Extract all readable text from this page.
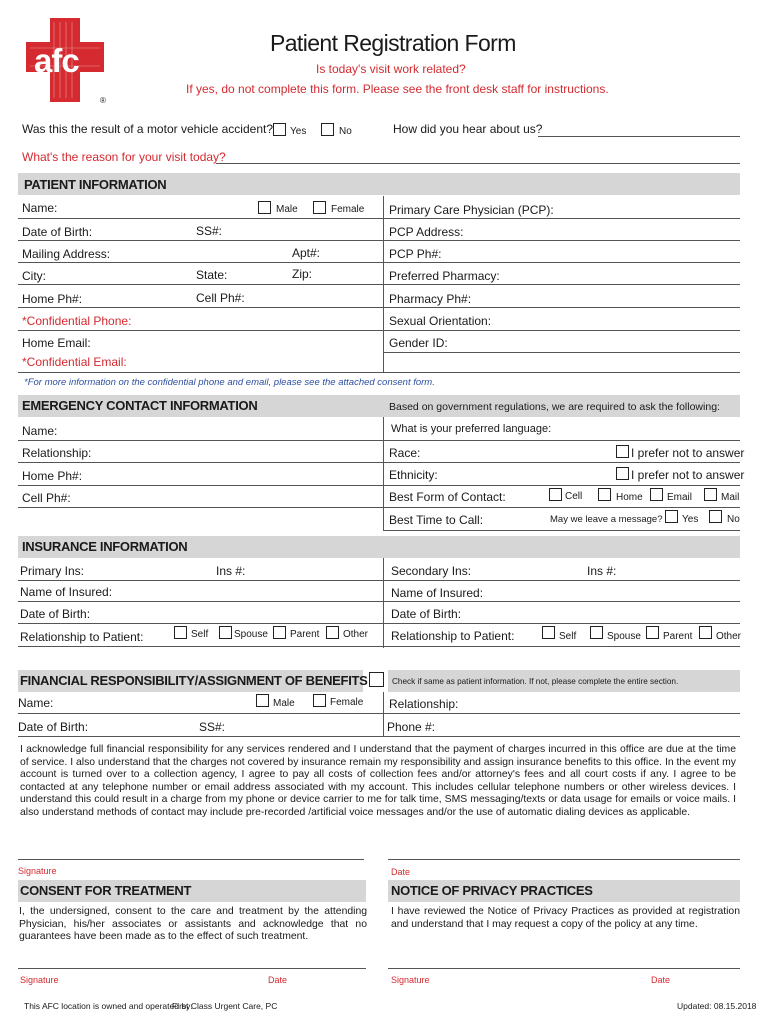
afc
®
Patient Registration Form
Is today's visit work related?
If yes, do not complete this form. Please see the front desk staff for instructions.
Was this the result of a motor vehicle accident? Yes	No	How did you hear about us?
What's the reason for your visit today?
PATIENT INFORMATION
Name:	Male	Female
Date of Birth:	SS#:
Mailing Address:	Apt#:
City:	State:	Zip:
Home Ph#:	Cell Ph#:
*Confidential Phone:
Home Email:
*Confidential Email:
Primary Care Physician (PCP):
PCP Address:
PCP Ph#:
Preferred Pharmacy:
Pharmacy Ph#:
Sexual Orientation:
Gender ID:
*For more information on the confidential phone and email, please see the attached consent form.
EMERGENCY CONTACT INFORMATION	Based on government regulations, we are required to ask the following:
Name:
Relationship:
Home Ph#:
Cell Ph#:
What is your preferred language:
Race:	I prefer not to answer
Ethnicity:	I prefer not to answer
Best Form of Contact:	Cell	Home Email	Mail
Best Time to Call:	May we leave a message? Yes	No
INSURANCE INFORMATION
Primary Ins:	Ins #:
Name of Insured:
Date of Birth:
Relationship to Patient:	Self	Spouse Parent Other
Secondary Ins:	Ins #:
Name of Insured:
Date of Birth:
Relationship to Patient:	Self	Spouse Parent Other
FINANCIAL RESPONSIBILITY/ASSIGNMENT OF BENEFITS	Check if same as patient information. If not, please complete the entire section.
Name:	Male	Female Relationship:
Date of Birth:	SS#:	Phone #:
I acknowledge full financial responsibility for any services rendered and I understand that the payment of charges incurred in this office are due at the time of service. I also understand that the charges not covered by insurance remain my responsibility and assign insurance benefits to this office. In the event my account is turned over to a collection agency, I agree to pay all costs of collection fees and/or attorney's fees and all court costs if any. I agree to be contacted at any telephone number or email address associated with my account. This includes cellular telephone numbers or other wireless devices. I understand this could result in a charge from my phone or device carrier to me for talk time, SMS messaging/texts or data usage for emails or voice mails. I also understand methods of contact may include pre-recorded /artificial voice messages and/or the use of automatic dialing devices as applicable.
Signature	Date
CONSENT FOR TREATMENT	NOTICE OF PRIVACY PRACTICES
I, the undersigned, consent to the care and treatment by the attending Physician, his/her associates or assistants and acknowledge that no guarantees have been made as to the effect of such treatment.
I have reviewed the Notice of Privacy Practices as provided at registration and understand that I may request a copy of the policy at any time.
Signature	Date	Signature	Date
This AFC location is owned and operated by:
First Class Urgent Care, PC	Updated: 08.15.2018
